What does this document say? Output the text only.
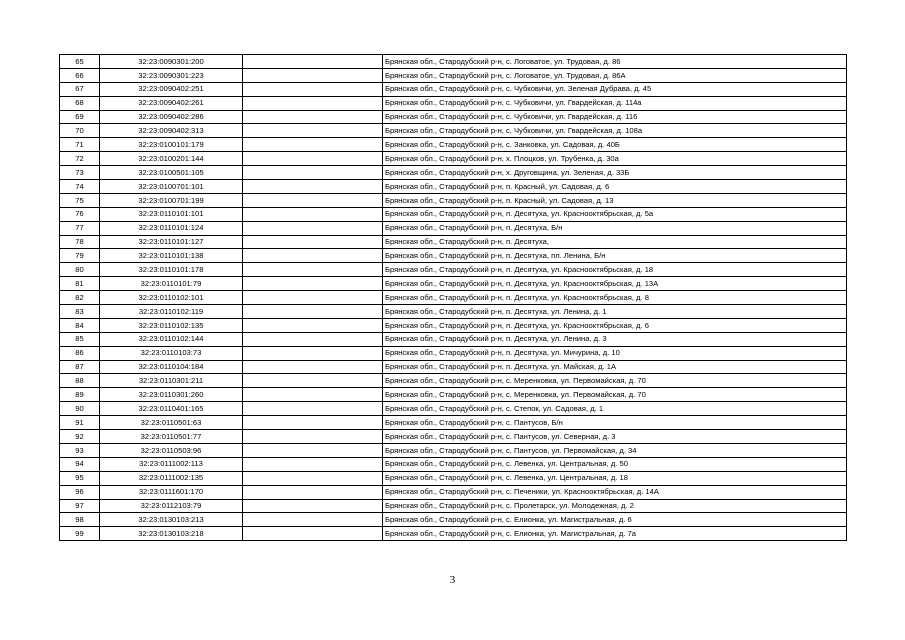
65	32:23:0090301:200		Брянская обл., Стародубский р-н, с. Логоватое, ул. Трудовая, д. 86
66	32:23:0090301:223		Брянская обл., Стародубский р-н, с. Логоватое, ул. Трудовая, д. 86А
67	32:23:0090402:251		Брянская обл., Стародубский р-н, с. Чубковичи, ул. Зеленая Дубрава, д. 45
68	32:23:0090402:261		Брянская обл., Стародубский р-н, с. Чубковичи, ул. Гвардейская, д. 114а
69	32:23:0090402:286		Брянская обл., Стародубский р-н, с. Чубковичи, ул. Гвардейская, д. 116
70	32:23:0090402:313		Брянская обл., Стародубский р-н, с. Чубковичи, ул. Гвардейская, д. 108а
71	32:23:0100101:179		Брянская обл., Стародубский р-н, с. Занковка, ул. Садовая, д. 40Б
72	32:23:0100201:144		Брянская обл., Стародубский р-н, х. Плоцков, ул. Трубенка, д. 30а
73	32:23:0100501:105		Брянская обл., Стародубский р-н, х. Друговщина, ул. Зеленая, д. 33Б
74	32:23:0100701:101		Брянская обл., Стародубский р-н, п. Красный, ул. Садовая, д. 6
75	32:23:0100701:199		Брянская обл., Стародубский р-н, п. Красный, ул. Садовая, д. 13
76	32:23:0110101:101		Брянская обл., Стародубский р-н, п. Десятуха, ул. Краснооктябрьская, д. 5а
77	32:23:0110101:124		Брянская обл., Стародубский р-н, п. Десятуха, Б/н
78	32:23:0110101:127		Брянская обл., Стародубский р-н, п. Десятуха,
79	32:23:0110101:138		Брянская обл., Стародубский р-н, п. Десятуха, пл. Ленина, Б/н
80	32:23:0110101:178		Брянская обл., Стародубский р-н, п. Десятуха, ул. Краснооктябрьская, д. 18
81	32:23:0110101:79		Брянская обл., Стародубский р-н, п. Десятуха, ул. Краснооктябрьская, д. 13А
82	32:23:0110102:101		Брянская обл., Стародубский р-н, п. Десятуха, ул. Краснооктябрьская, д. 8
83	32:23:0110102:119		Брянская обл., Стародубский р-н, п. Десятуха, ул. Ленина, д. 1
84	32:23:0110102:135		Брянская обл., Стародубский р-н, п. Десятуха, ул. Краснооктябрьская, д. 6
85	32:23:0110102:144		Брянская обл., Стародубский р-н, п. Десятуха, ул. Ленина, д. 3
86	32:23:0110103:73		Брянская обл., Стародубский р-н, п. Десятуха, ул. Мичурина, д. 10
87	32:23:0110104:184		Брянская обл., Стародубский р-н, п. Десятуха, ул. Майская, д. 1А
88	32:23:0110301:211		Брянская обл., Стародубский р-н, с. Меренковка, ул. Первомайская, д. 70
89	32:23:0110301:260		Брянская обл., Стародубский р-н, с. Меренковка, ул. Первомайская, д. 70
90	32:23:0110401:165		Брянская обл., Стародубский р-н, с. Степок, ул. Садовая, д. 1
91	32:23:0110501:63		Брянская обл., Стародубский р-н, с. Пантусов, Б/н
92	32:23:0110501:77		Брянская обл., Стародубский р-н, с. Пантусов, ул. Северная, д. 3
93	32:23:0110503:96		Брянская обл., Стародубский р-н, с. Пантусов, ул. Первомайская, д. 34
94	32:23:0111002:113		Брянская обл., Стародубский р-н, с. Левенка, ул. Центральная, д. 50
95	32:23:0111002:135		Брянская обл., Стародубский р-н, с. Левенка, ул. Центральная, д. 18
96	32:23:0111601:170		Брянская обл., Стародубский р-н, с. Печеники, ул. Краснооктябрьская, д. 14А
97	32:23:0112103:79		Брянская обл., Стародубский р-н, с. Пролетарск, ул. Молодежная, д. 2
98	32:23:0130103:213		Брянская обл., Стародубский р-н, с. Елионка, ул. Магистральная, д. 6
99	32:23:0130103:218		Брянская обл., Стародубский р-н, с. Елионка, ул. Магистральная, д. 7а
3
